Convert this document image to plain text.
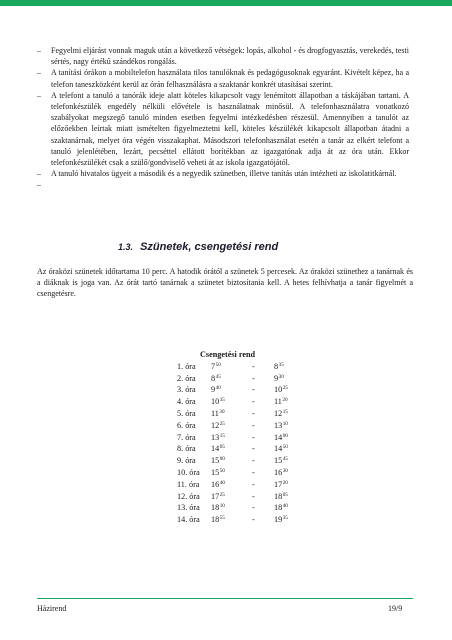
– Fegyelmi eljárást vonnak maguk után a következő vétségek: lopás, alkohol - és drogfogyasztás, verekedés, testi sértés, nagy értékű szándékos rongálás.
– A tanítási órákon a mobiltelefon használata tilos tanulóknak és pedagógusoknak egyaránt. Kivételt képez, ha a telefon taneszközként kerül az órán felhasználásra a szaktanár konkrét utasításai szerint.
– A telefont a tanuló a tanórák ideje alatt köteles kikapcsolt vagy lenémított állapotban a táskájában tartani. A telefonkészülék engedély nélküli elővétele is használatnak minősül. A telefonhasználatra vonatkozó szabályokat megszegő tanuló minden esetben fegyelmi intézkedésben részesül. Amennyiben a tanulót az előzőekben leírtak miatt ismételten figyelmeztetni kell, köteles készülékét kikapcsolt állapotban átadni a szaktanárnak, melyet óra végén visszakaphat. Másodszori telefonhasználat esetén a tanár az elkért telefont a tanuló jelenlétében, lezárt, pecséttel ellátott borítékban az igazgatónak adja át az óra után. Ekkor telefonkészülékét csak a szülő/gondviselő veheti át az iskola igazgatójától.
– A tanuló hivatalos ügyeit a második és a negyedik szünetben, illetve tanítás után intézheti az iskolatitkárnál.
–

1.3. Szünetek, csengetési rend
Az óraközi szünetek időtartama 10 perc. A hatodik órától a szünetek 5 percesek. Az óraközi szünethez a tanárnak és a diáknak is joga van. Az órát tartó tanárnak a szünetet biztosítania kell. A hetes felhívhatja a tanár figyelmét a csengetésre.
Csengetési rend
1. óra	$7^{50}$	-	$8^{35}$
2. óra	$8^{45}$	-	$9^{30}$
3. óra	$9^{40}$	-	$10^{25}$
4. óra	$10^{35}$	-	$11^{20}$
5. óra	$11^{30}$	-	$12^{15}$
6. óra	$12^{25}$	-	$13^{10}$
7. óra	$13^{15}$	-	$14^{00}$
8. óra	$14^{05}$	-	$14^{50}$
9. óra	$15^{00}$	-	$15^{45}$
10. óra	$15^{50}$	-	$16^{30}$
11. óra	$16^{40}$	-	$17^{20}$
12. óra	$17^{25}$	-	$18^{05}$
13. óra	$18^{10}$	-	$18^{40}$
14. óra	$18^{55}$	-	$19^{35}$
Házirend	19/9
